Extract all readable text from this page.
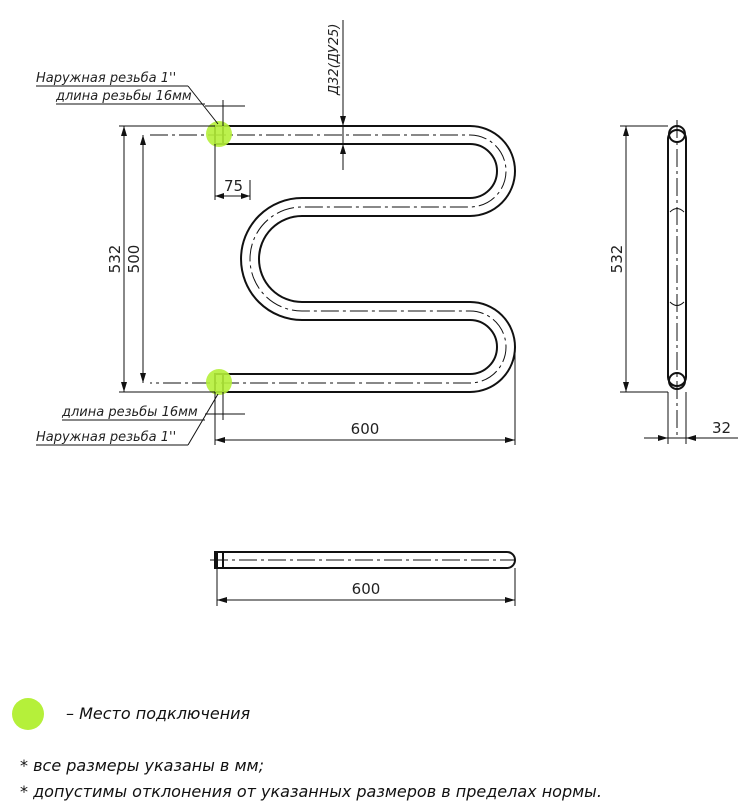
532 500
75
Д32(ДУ25)
600
Наружная резьба 1''
длина резьбы 16мм
длина резьбы 16мм
Наружная резьба 1''
532
32
600
– Место подключения
* все размеры указаны в мм;
* допустимы отклонения от указанных размеров в пределах нормы.
